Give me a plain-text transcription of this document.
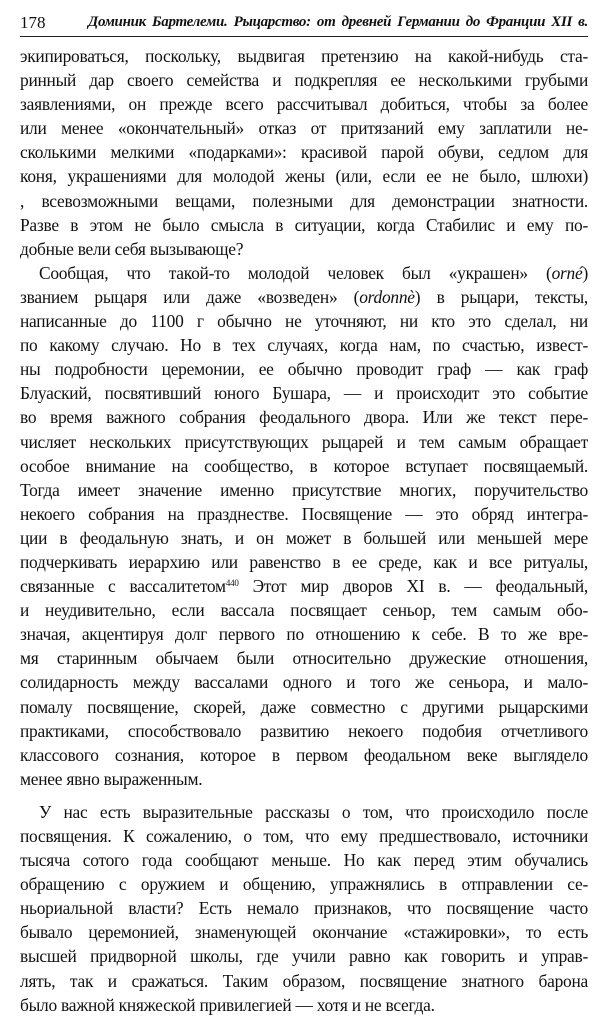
178	Доминик Бартелеми. Рыцарство: от древней Германии до Франции XII в.

экипироваться, поскольку, выдвигая претензию на какой-нибудь ста-
ринный дар своего семейства и подкрепляя ее несколькими грубыми
заявлениями, он прежде всего рассчитывал добиться, чтобы за более
или менее «окончательный» отказ от притязаний ему заплатили не-
сколькими мелкими «подарками»: красивой парой обуви, седлом для
коня, украшениями для молодой жены (или, если ее не было, шлюхи)
, всевозможными вещами, полезными для демонстрации знатности.
Разве в этом не было смысла в ситуации, когда Стабилис и ему по-
добные вели себя вызывающе?

Сообщая, что такой-то молодой человек был «украшен» (orné)
званием рыцаря или даже «возведен» (ordonnè) в рыцари, тексты,
написанные до 1100 г обычно не уточняют, ни кто это сделал, ни
по какому случаю. Но в тех случаях, когда нам, по счастью, извест-
ны подробности церемонии, ее обычно проводит граф — как граф
Блуаский, посвятивший юного Бушара, — и происходит это событие
во время важного собрания феодального двора. Или же текст пере-
числяет нескольких присутствующих рыцарей и тем самым обращает
особое внимание на сообщество, в которое вступает посвящаемый.
Тогда имеет значение именно присутствие многих, поручительство
некоего собрания на празднестве. Посвящение — это обряд интегра-
ции в феодальную знать, и он может в большей или меньшей мере
подчеркивать иерархию или равенство в ее среде, как и все ритуалы,
связанные с вассалитетом$^{440}$ Этот мир дворов XI в. — феодальный,
и неудивительно, если вассала посвящает сеньор, тем самым обо-
значая, акцентируя долг первого по отношению к себе. В то же вре-
мя старинным обычаем были относительно дружеские отношения,
солидарность между вассалами одного и того же сеньора, и мало-
помалу посвящение, скорей, даже совместно с другими рыцарскими
практиками, способствовало развитию некоего подобия отчетливого
классового сознания, которое в первом феодальном веке выглядело
менее явно выраженным.

У нас есть выразительные рассказы о том, что происходило после
посвящения. К сожалению, о том, что ему предшествовало, источники
тысяча сотого года сообщают меньше. Но как перед этим обучались
обращению с оружием и общению, упражнялись в отправлении се-
ньориальной власти? Есть немало признаков, что посвящение часто
бывало церемонией, знаменующей окончание «стажировки», то есть
высшей придворной школы, где учили равно как говорить и управ-
лять, так и сражаться. Таким образом, посвящение знатного барона
было важной княжеской привилегией — хотя и не всегда.
